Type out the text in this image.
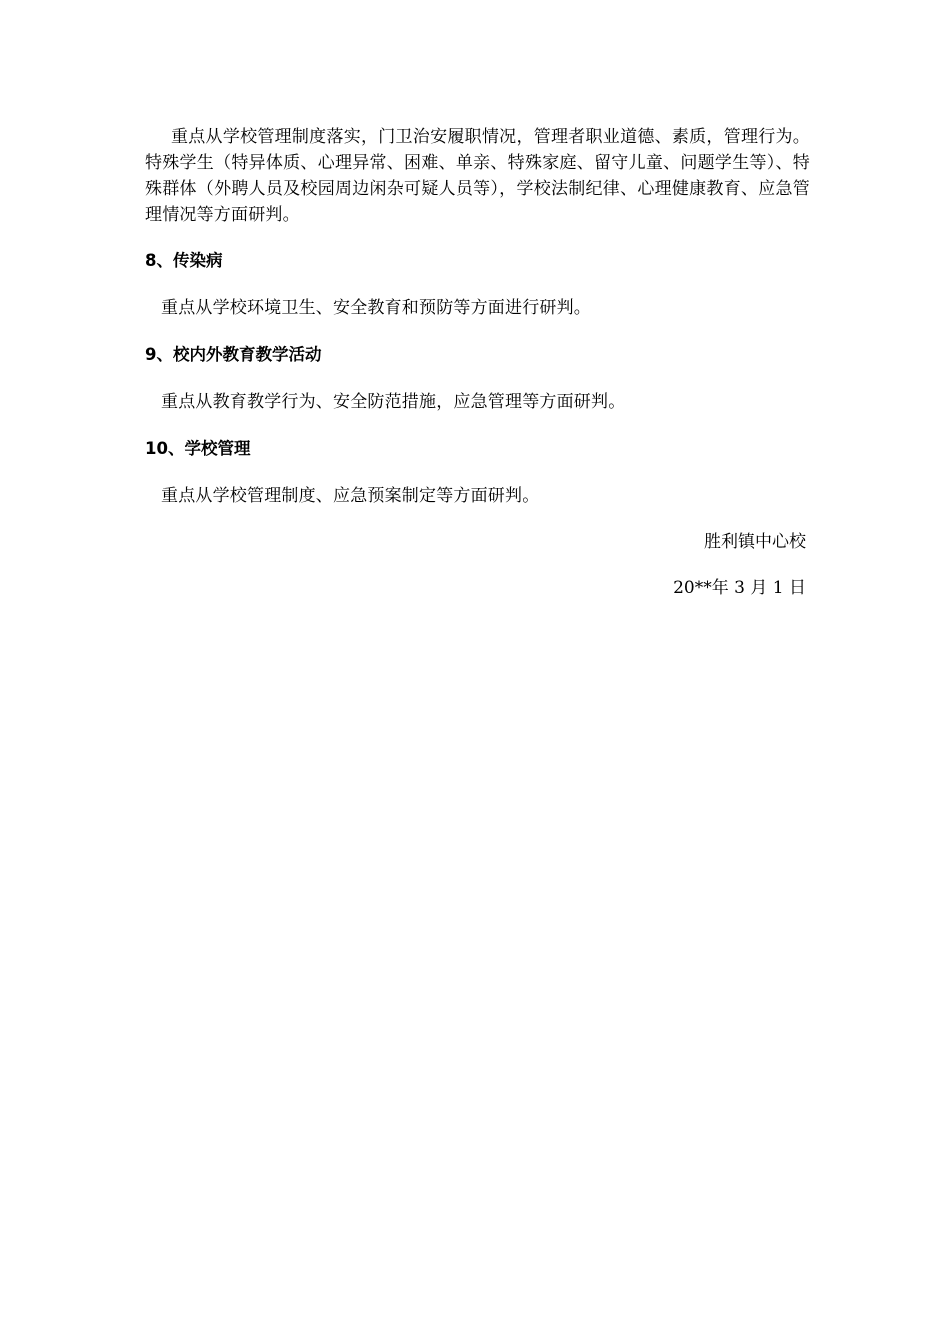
重点从学校管理制度落实，门卫治安履职情况，管理者职业道德、素质，管理行为。特殊学生（特异体质、心理异常、困难、单亲、特殊家庭、留守儿童、问题学生等）、特殊群体（外聘人员及校园周边闲杂可疑人员等），学校法制纪律、心理健康教育、应急管理情况等方面研判。

8、传染病

重点从学校环境卫生、安全教育和预防等方面进行研判。

9、校内外教育教学活动

重点从教育教学行为、安全防范措施，应急管理等方面研判。

10、学校管理

重点从学校管理制度、应急预案制定等方面研判。

胜利镇中心校

20**年 3 月 1 日
